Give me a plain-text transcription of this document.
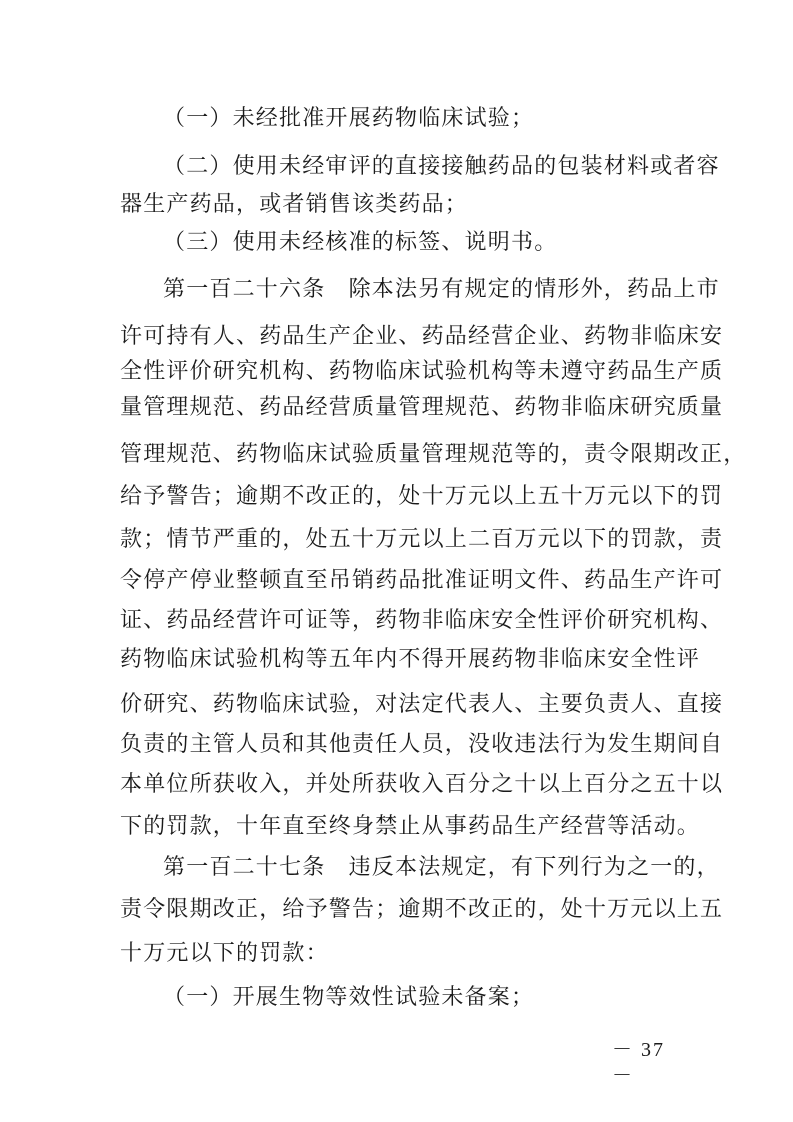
（一）未经批准开展药物临床试验；
（二）使用未经审评的直接接触药品的包装材料或者容
器生产药品，或者销售该类药品；
（三）使用未经核准的标签、说明书。
第一百二十六条　除本法另有规定的情形外，药品上市
许可持有人、药品生产企业、药品经营企业、药物非临床安
全性评价研究机构、药物临床试验机构等未遵守药品生产质
量管理规范、药品经营质量管理规范、药物非临床研究质量
管理规范、药物临床试验质量管理规范等的，责令限期改正，
给予警告；逾期不改正的，处十万元以上五十万元以下的罚
款；情节严重的，处五十万元以上二百万元以下的罚款，责
令停产停业整顿直至吊销药品批准证明文件、药品生产许可
证、药品经营许可证等，药物非临床安全性评价研究机构、
药物临床试验机构等五年内不得开展药物非临床安全性评
价研究、药物临床试验，对法定代表人、主要负责人、直接
负责的主管人员和其他责任人员，没收违法行为发生期间自
本单位所获收入，并处所获收入百分之十以上百分之五十以
下的罚款，十年直至终身禁止从事药品生产经营等活动。
第一百二十七条　违反本法规定，有下列行为之一的，
责令限期改正，给予警告；逾期不改正的，处十万元以上五
十万元以下的罚款：
（一）开展生物等效性试验未备案；
－ 37 －
